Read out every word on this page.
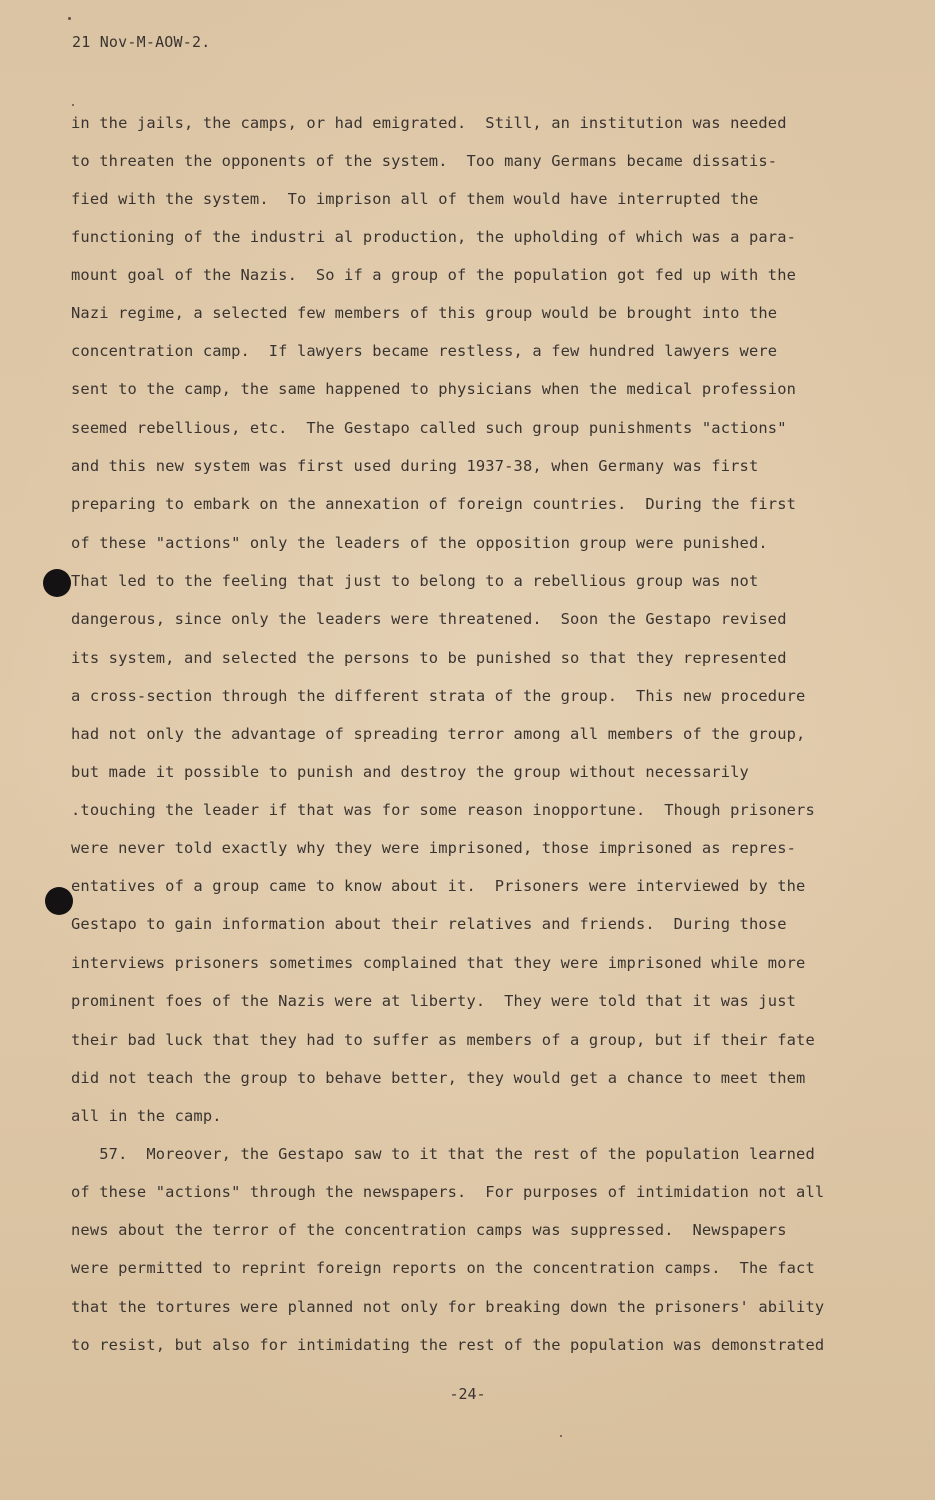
21 Nov-M-AOW-2.
in the jails, the camps, or had emigrated.  Still, an institution was needed
to threaten the opponents of the system.  Too many Germans became dissatis-
fied with the system.  To imprison all of them would have interrupted the
functioning of the industri al production, the upholding of which was a para-
mount goal of the Nazis.  So if a group of the population got fed up with the
Nazi regime, a selected few members of this group would be brought into the
concentration camp.  If lawyers became restless, a few hundred lawyers were
sent to the camp, the same happened to physicians when the medical profession
seemed rebellious, etc.  The Gestapo called such group punishments "actions"
and this new system was first used during 1937-38, when Germany was first
preparing to embark on the annexation of foreign countries.  During the first
of these "actions" only the leaders of the opposition group were punished.
That led to the feeling that just to belong to a rebellious group was not
dangerous, since only the leaders were threatened.  Soon the Gestapo revised
its system, and selected the persons to be punished so that they represented
a cross-section through the different strata of the group.  This new procedure
had not only the advantage of spreading terror among all members of the group,
but made it possible to punish and destroy the group without necessarily
.touching the leader if that was for some reason inopportune.  Though prisoners
were never told exactly why they were imprisoned, those imprisoned as repres-
entatives of a group came to know about it.  Prisoners were interviewed by the
Gestapo to gain information about their relatives and friends.  During those
interviews prisoners sometimes complained that they were imprisoned while more
prominent foes of the Nazis were at liberty.  They were told that it was just
their bad luck that they had to suffer as members of a group, but if their fate
did not teach the group to behave better, they would get a chance to meet them
all in the camp.
57.  Moreover, the Gestapo saw to it that the rest of the population learned
of these "actions" through the newspapers.  For purposes of intimidation not all
news about the terror of the concentration camps was suppressed.  Newspapers
were permitted to reprint foreign reports on the concentration camps.  The fact
that the tortures were planned not only for breaking down the prisoners' ability
to resist, but also for intimidating the rest of the population was demonstrated
-24-
